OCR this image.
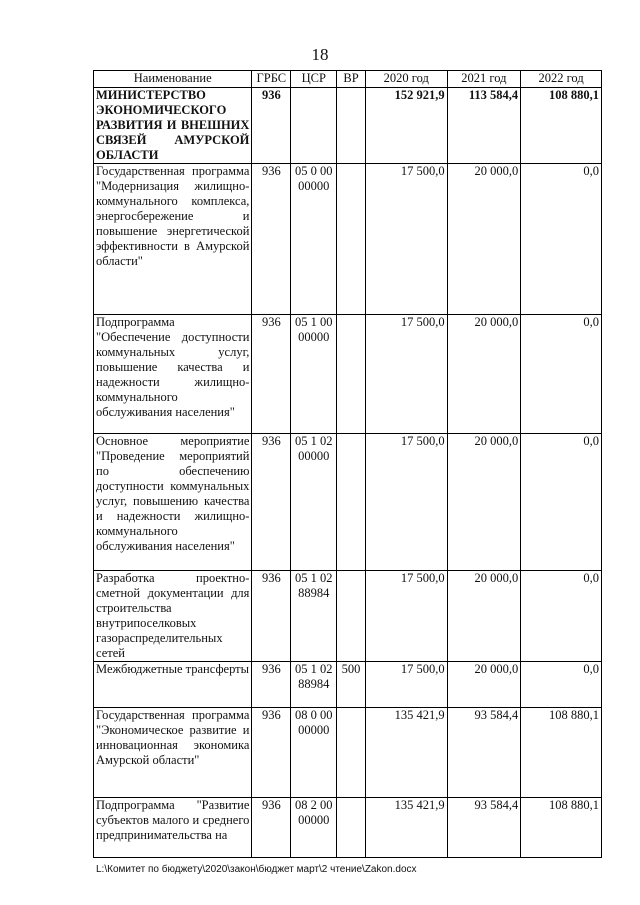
18
Наименование	ГРБС	ЦСР	ВР	2020 год	2021 год	2022 год
МИНИСТЕРСТВО ЭКОНОМИЧЕСКОГО РАЗВИТИЯ И ВНЕШНИХ СВЯЗЕЙ АМУРСКОЙ ОБЛАСТИ	936			152 921,9	113 584,4	108 880,1
Государственная программа "Модернизация жилищно-коммунального комплекса, энергосбережение и повышение энергетической эффективности в Амурской области"	936	05 0 00 00000		17 500,0	20 000,0	0,0
Подпрограмма "Обеспечение доступности коммунальных услуг, повышение качества и надежности жилищно-коммунального обслуживания населения"	936	05 1 00 00000		17 500,0	20 000,0	0,0
Основное мероприятие "Проведение мероприятий по обеспечению доступности коммунальных услуг, повышению качества и надежности жилищно-коммунального обслуживания населения"	936	05 1 02 00000		17 500,0	20 000,0	0,0
Разработка проектно-сметной документации для строительства внутрипоселковых газораспределительных сетей	936	05 1 02 88984		17 500,0	20 000,0	0,0
Межбюджетные трансферты	936	05 1 02 88984	500	17 500,0	20 000,0	0,0
Государственная программа "Экономическое развитие и инновационная экономика Амурской области"	936	08 0 00 00000		135 421,9	93 584,4	108 880,1
Подпрограмма "Развитие субъектов малого и среднего предпринимательства на	936	08 2 00 00000		135 421,9	93 584,4	108 880,1
L:\Комитет по бюджету\2020\закон\бюджет март\2 чтение\Zakon.docx
